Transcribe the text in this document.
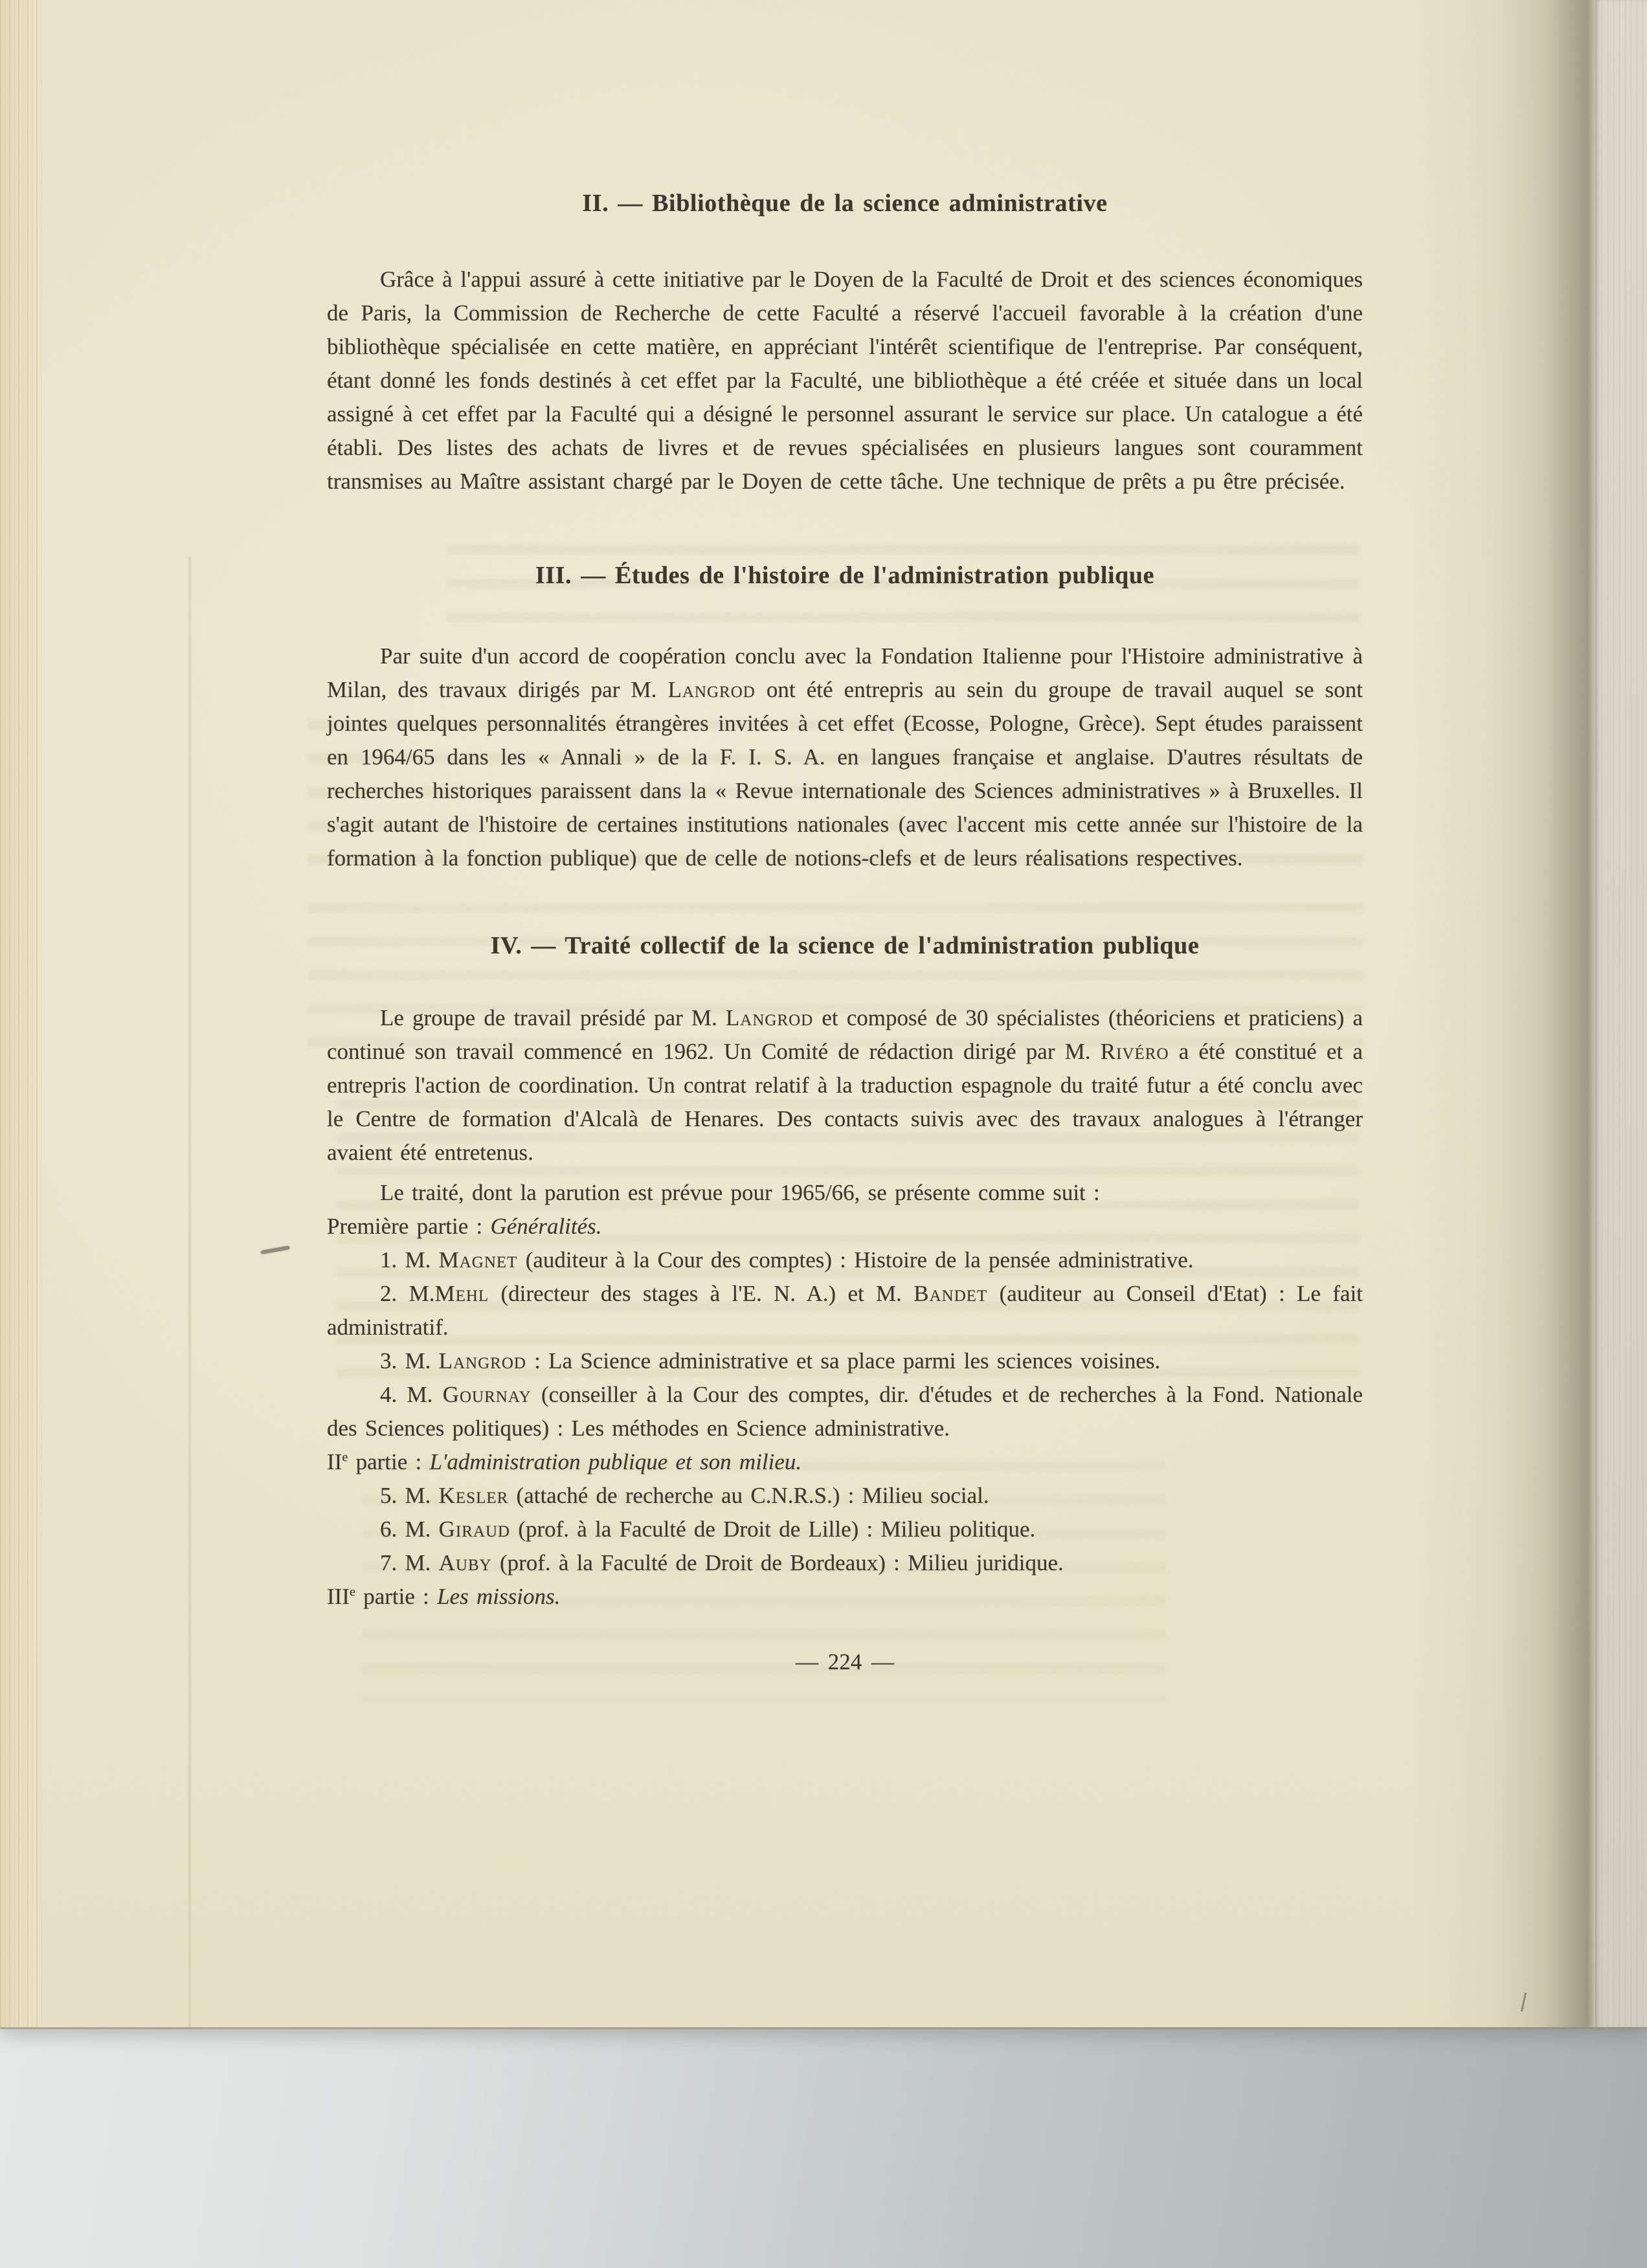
II. — Bibliothèque de la science administrative

Grâce à l'appui assuré à cette initiative par le Doyen de la Faculté de Droit et des sciences économiques de Paris, la Commission de Recherche de cette Faculté a réservé l'accueil favorable à la création d'une bibliothèque spécialisée en cette matière, en appréciant l'intérêt scientifique de l'entreprise. Par conséquent, étant donné les fonds destinés à cet effet par la Faculté, une bibliothèque a été créée et située dans un local assigné à cet effet par la Faculté qui a désigné le personnel assurant le service sur place. Un catalogue a été établi. Des listes des achats de livres et de revues spécialisées en plusieurs langues sont couramment transmises au Maître assistant chargé par le Doyen de cette tâche. Une technique de prêts a pu être précisée.

III. — Études de l'histoire de l'administration publique

Par suite d'un accord de coopération conclu avec la Fondation Italienne pour l'Histoire administrative à Milan, des travaux dirigés par M. Langrod ont été entrepris au sein du groupe de travail auquel se sont jointes quelques personnalités étrangères invitées à cet effet (Ecosse, Pologne, Grèce). Sept études paraissent en 1964/65 dans les « Annali » de la F. I. S. A. en langues française et anglaise. D'autres résultats de recherches historiques paraissent dans la « Revue internationale des Sciences administratives » à Bruxelles. Il s'agit autant de l'histoire de certaines institutions nationales (avec l'accent mis cette année sur l'histoire de la formation à la fonction publique) que de celle de notions-clefs et de leurs réalisations respectives.

IV. — Traité collectif de la science de l'administration publique

Le groupe de travail présidé par M. Langrod et composé de 30 spécialistes (théoriciens et praticiens) a continué son travail commencé en 1962. Un Comité de rédaction dirigé par M. Rivéro a été constitué et a entrepris l'action de coordination. Un contrat relatif à la traduction espagnole du traité futur a été conclu avec le Centre de formation d'Alcalà de Henares. Des contacts suivis avec des travaux analogues à l'étranger avaient été entretenus.

Le traité, dont la parution est prévue pour 1965/66, se présente comme suit :

Première partie : Généralités.

1. M. Magnet (auditeur à la Cour des comptes) : Histoire de la pensée administrative.

2. M.Mehl (directeur des stages à l'E. N. A.) et M. Bandet (auditeur au Conseil d'Etat) : Le fait administratif.

3. M. Langrod : La Science administrative et sa place parmi les sciences voisines.

4. M. Gournay (conseiller à la Cour des comptes, dir. d'études et de recherches à la Fond. Nationale des Sciences politiques) : Les méthodes en Science administrative.

IIe partie : L'administration publique et son milieu.

5. M. Kesler (attaché de recherche au C.N.R.S.) : Milieu social.

6. M. Giraud (prof. à la Faculté de Droit de Lille) : Milieu politique.

7. M. Auby (prof. à la Faculté de Droit de Bordeaux) : Milieu juridique.

IIIe partie : Les missions.

— 224 —
